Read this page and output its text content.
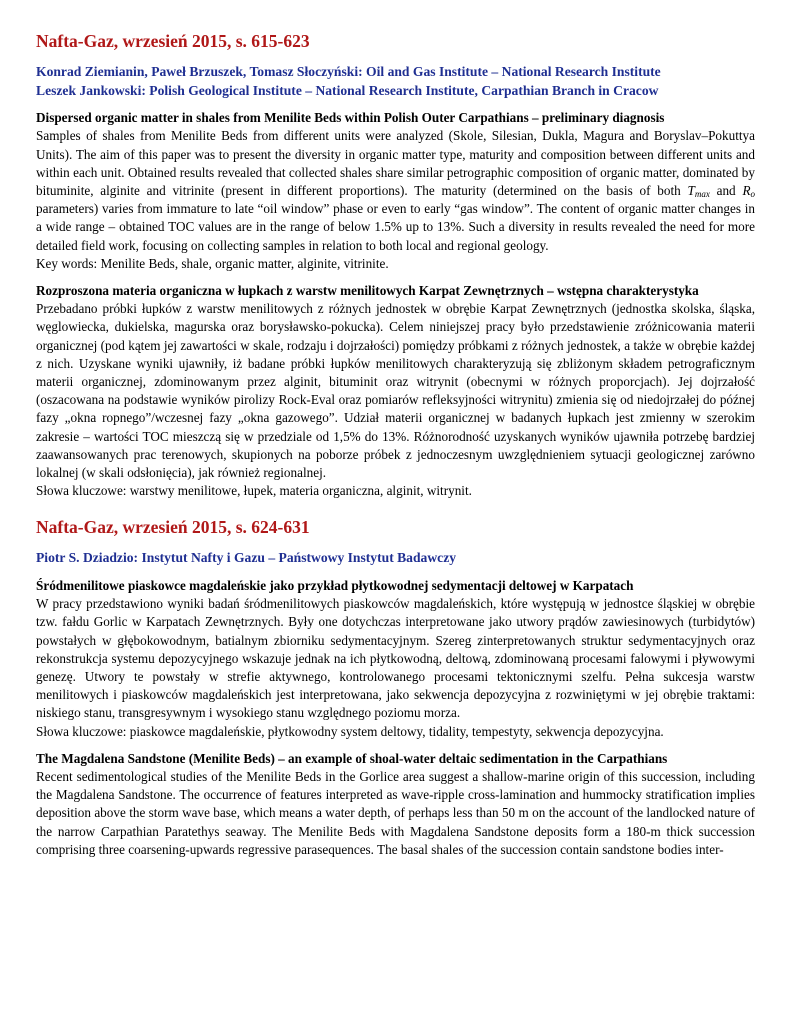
Nafta-Gaz, wrzesień 2015, s. 615-623
Konrad Ziemianin, Paweł Brzuszek, Tomasz Słoczyński: Oil and Gas Institute – National Research Institute
Leszek Jankowski: Polish Geological Institute – National Research Institute, Carpathian Branch in Cracow

Dispersed organic matter in shales from Menilite Beds within Polish Outer Carpathians – preliminary diagnosis

Samples of shales from Menilite Beds from different units were analyzed (Skole, Silesian, Dukla, Magura and Boryslav–Pokuttya Units). The aim of this paper was to present the diversity in organic matter type, maturity and composition between different units and within each unit. Obtained results revealed that collected shales share similar petrographic composition of organic matter, dominated by bituminite, alginite and vitrinite (present in different proportions). The maturity (determined on the basis of both $T_{max}$ and $R_o$ parameters) varies from immature to late “oil window” phase or even to early “gas window”. The content of organic matter changes in a wide range – obtained TOC values are in the range of below 1.5% up to 13%. Such a diversity in results revealed the need for more detailed field work, focusing on collecting samples in relation to both local and regional geology.

Key words: Menilite Beds, shale, organic matter, alginite, vitrinite.

Rozproszona materia organiczna w łupkach z warstw menilitowych Karpat Zewnętrznych – wstępna charakterystyka

Przebadano próbki łupków z warstw menilitowych z różnych jednostek w obrębie Karpat Zewnętrznych (jednostka skolska, śląska, węglowiecka, dukielska, magurska oraz borysławsko-pokucka). Celem niniejszej pracy było przedstawienie zróżnicowania materii organicznej (pod kątem jej zawartości w skale, rodzaju i dojrzałości) pomiędzy próbkami z różnych jednostek, a także w obrębie każdej z nich. Uzyskane wyniki ujawniły, iż badane próbki łupków menilitowych charakteryzują się zbliżonym składem petrograficznym materii organicznej, zdominowanym przez alginit, bituminit oraz witrynit (obecnymi w różnych proporcjach). Jej dojrzałość (oszacowana na podstawie wyników pirolizy Rock-Eval oraz pomiarów refleksyjności witrynitu) zmienia się od niedojrzałej do późnej fazy „okna ropnego”/wczesnej fazy „okna gazowego”. Udział materii organicznej w badanych łupkach jest zmienny w szerokim zakresie – wartości TOC mieszczą się w przedziale od 1,5% do 13%. Różnorodność uzyskanych wyników ujawniła potrzebę bardziej zaawansowanych prac terenowych, skupionych na poborze próbek z jednoczesnym uwzględnieniem sytuacji geologicznej zarówno lokalnej (w skali odsłonięcia), jak również regionalnej.

Słowa kluczowe: warstwy menilitowe, łupek, materia organiczna, alginit, witrynit.

Nafta-Gaz, wrzesień 2015, s. 624-631
Piotr S. Dziadzio: Instytut Nafty i Gazu – Państwowy Instytut Badawczy

Śródmenilitowe piaskowce magdaleńskie jako przykład płytkowodnej sedymentacji deltowej w Karpatach

W pracy przedstawiono wyniki badań śródmenilitowych piaskowców magdaleńskich, które występują w jednostce śląskiej w obrębie tzw. fałdu Gorlic w Karpatach Zewnętrznych. Były one dotychczas interpretowane jako utwory prądów zawiesinowych (turbidytów) powstałych w głębokowodnym, batialnym zbiorniku sedymentacyjnym. Szereg zinterpretowanych struktur sedymentacyjnych oraz rekonstrukcja systemu depozycyjnego wskazuje jednak na ich płytkowodną, deltową, zdominowaną procesami falowymi i pływowymi genezę. Utwory te powstały w strefie aktywnego, kontrolowanego procesami tektonicznymi szelfu. Pełna sukcesja warstw menilitowych i piaskowców magdaleńskich jest interpretowana, jako sekwencja depozycyjna z rozwiniętymi w jej obrębie traktami: niskiego stanu, transgresywnym i wysokiego stanu względnego poziomu morza.

Słowa kluczowe: piaskowce magdaleńskie, płytkowodny system deltowy, tidality, tempestyty, sekwencja depozycyjna.

The Magdalena Sandstone (Menilite Beds) – an example of shoal-water deltaic sedimentation in the Carpathians

Recent sedimentological studies of the Menilite Beds in the Gorlice area suggest a shallow-marine origin of this succession, including the Magdalena Sandstone. The occurrence of features interpreted as wave-ripple cross-lamination and hummocky stratification implies deposition above the storm wave base, which means a water depth, of perhaps less than 50 m on the account of the landlocked nature of the narrow Carpathian Paratethys seaway. The Menilite Beds with Magdalena Sandstone deposits form a 180-m thick succession comprising three coarsening-upwards regressive parasequences. The basal shales of the succession contain sandstone bodies inter-
